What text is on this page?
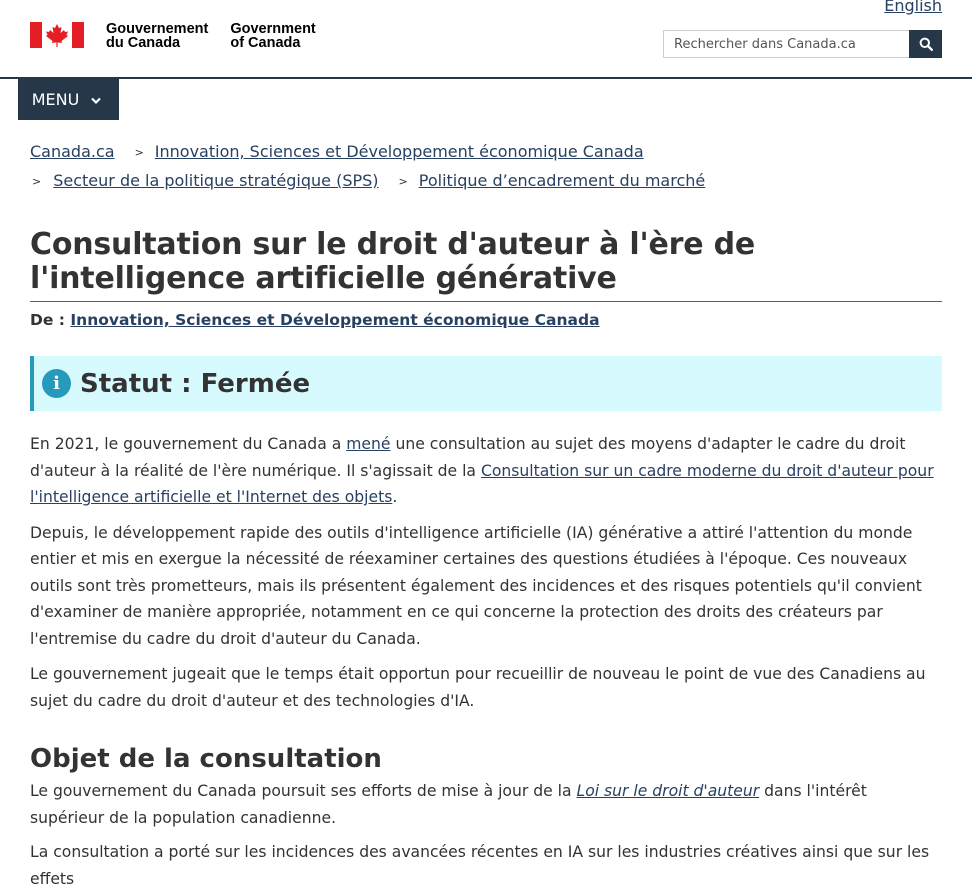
English
Gouvernement
du Canada
Government
of Canada
Rechercher dans Canada.ca
MENU
Canada.ca > Innovation, Sciences et Développement économique Canada
> Secteur de la politique stratégique (SPS) > Politique d’encadrement du marché
Consultation sur le droit d'auteur à l'ère de l'intelligence artificielle générative
De : Innovation, Sciences et Développement économique Canada
i Statut : Fermée

En 2021, le gouvernement du Canada a mené une consultation au sujet des moyens d'adapter le cadre du droit d'auteur à la réalité de l'ère numérique. Il s'agissait de la Consultation sur un cadre moderne du droit d'auteur pour l'intelligence artificielle et l'Internet des objets.

Depuis, le développement rapide des outils d'intelligence artificielle (IA) générative a attiré l'attention du monde entier et mis en exergue la nécessité de réexaminer certaines des questions étudiées à l'époque. Ces nouveaux outils sont très prometteurs, mais ils présentent également des incidences et des risques potentiels qu'il convient d'examiner de manière appropriée, notamment en ce qui concerne la protection des droits des créateurs par l'entremise du cadre du droit d'auteur du Canada.

Le gouvernement jugeait que le temps était opportun pour recueillir de nouveau le point de vue des Canadiens au sujet du cadre du droit d'auteur et des technologies d'IA.

Objet de la consultation

Le gouvernement du Canada poursuit ses efforts de mise à jour de la Loi sur le droit d'auteur dans l'intérêt supérieur de la population canadienne.

La consultation a porté sur les incidences des avancées récentes en IA sur les industries créatives ainsi que sur les effets
